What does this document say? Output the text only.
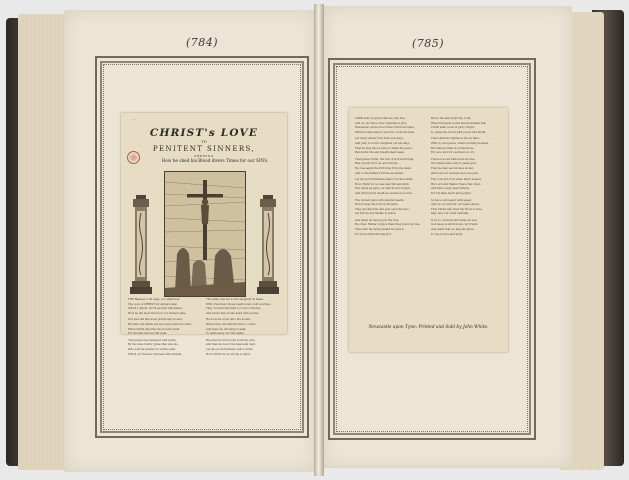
(784)	(785)
…
CHRIST's LOVE
TO
PENITENT SINNERS,
SHEWING
How he shed his Blood divers Times for our SINS.
THE Blessed of all Ages, you shall hear
The Love of CHRIST for sinners dear,
Which I unfold, for those that will attend,
How he did shed his blood, for sinners sake,
Our sins did him most grieviously wound,
His side, his hands, his feet were pierced round,
When Christ shed his blood in the field,
For the sins that we did yield,
Then Jesus was betrayed with a kiss,
By the false traitor Judas that was his,
Who sold his master for a little gain,
Which our Saviour did bear with disdain.
The Lamb was led to the slaughter in haste,
With cruel men whose hearts were cold as stone,
They crown'd him with a crown of thorns,
And smote him on the head with scorns,
He bore his cross unto the mount,
Where they did nail him fast to count,
And there he did hang in pain,
To wash away our sins again,
His precious blood ran down his side,
And then he bow'd his head and died,
Let all good Christians call to mind,
How Christ for us did die so kind.
LORD send us grace that we may live,
And on our sins a true repentance give,
Remember all the blood that Christ did shed,
When he was hang'd upon the cross till dead.
Let every sinner turn from evil ways,
And pray to God to lengthen out his days,
That he may have a time to make his peace,
Before his life and breath shall cease.
Then Jesus Christ, the Son of God most high,
Was crucify'd for us, and did die,
He rose again the third day from the dead,
And to the Father's throne ascended.
Let all good Christians bear it in their mind,
How Christ for us was merciful and kind,
Our debts he paid, our sins he did forgive,
And through his death we evermore do live.
The wicked Jews with spiteful hearts,
Did scourge his body in all parts,
They mocked him and spat upon his face,
Yet still he did remain in grace.
And when he hung upon the tree,
He cried, Father, forgive them they know not me,
Thus with his dying breath he pray'd,
For those that him betray'd.
But in the last great day of all,
When trumpets sound and mountains fall,
Christ shall come in glory bright,
To judge the world with power and might.
Then shall the righteous live in bliss,
With joy and peace, where nothing is amiss,
But sinners shall in torments lie,
For ever and for evermore to cry.
Then let us all while here we live,
Our hearts and souls to Jesus give,
That we may see his face at last,
When all our troubles here are past.
The cock did crow when Peter denied,
His Lord and Master there that cried,
And Peter wept most bitterly,
For his false heart and perjury.
So let us all repent with speed,
And for our sins let our hearts bleed,
That Christ who shed his blood so free,
May save our souls eternally.
Now to conclude and make an end,
God keep us all from sin, my friend,
And grant that we may all agree,
To live in love and unity.
Newcastle upon Tyne: Printed and Sold by John White.
